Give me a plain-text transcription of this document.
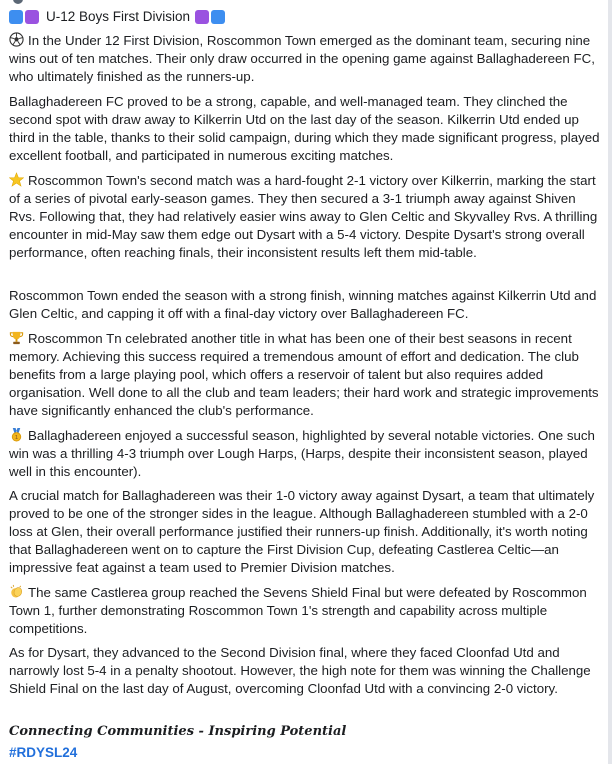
U-12 Boys First Division

In the Under 12 First Division, Roscommon Town emerged as the dominant team, securing nine wins out of ten matches. Their only draw occurred in the opening game against Ballaghadereen FC, who ultimately finished as the runners-up.

Ballaghadereen FC proved to be a strong, capable, and well-managed team. They clinched the second spot with draw away to Kilkerrin Utd on the last day of the season. Kilkerrin Utd ended up third in the table, thanks to their solid campaign, during which they made significant progress, played excellent football, and participated in numerous exciting matches.

Roscommon Town's second match was a hard-fought 2-1 victory over Kilkerrin, marking the start of a series of pivotal early-season games. They then secured a 3-1 triumph away against Shiven Rvs. Following that, they had relatively easier wins away to Glen Celtic and Skyvalley Rvs. A thrilling encounter in mid-May saw them edge out Dysart with a 5-4 victory. Despite Dysart's strong overall performance, often reaching finals, their inconsistent results left them mid-table.

Roscommon Town ended the season with a strong finish, winning matches against Kilkerrin Utd and Glen Celtic, and capping it off with a final-day victory over Ballaghadereen FC.

Roscommon Tn celebrated another title in what has been one of their best seasons in recent memory. Achieving this success required a tremendous amount of effort and dedication. The club benefits from a large playing pool, which offers a reservoir of talent but also requires added organisation. Well done to all the club and team leaders; their hard work and strategic improvements have significantly enhanced the club's performance.

1 Ballaghadereen enjoyed a successful season, highlighted by several notable victories. One such win was a thrilling 4-3 triumph over Lough Harps, (Harps, despite their inconsistent season, played well in this encounter).

A crucial match for Ballaghadereen was their 1-0 victory away against Dysart, a team that ultimately proved to be one of the stronger sides in the league. Although Ballaghadereen stumbled with a 2-0 loss at Glen, their overall performance justified their runners-up finish. Additionally, it's worth noting that Ballaghadereen went on to capture the First Division Cup, defeating Castlerea Celtic—an impressive feat against a team used to Premier Division matches.

The same Castlerea group reached the Sevens Shield Final but were defeated by Roscommon Town 1, further demonstrating Roscommon Town 1's strength and capability across multiple competitions.

As for Dysart, they advanced to the Second Division final, where they faced Cloonfad Utd and narrowly lost 5-4 in a penalty shootout. However, the high note for them was winning the Challenge Shield Final on the last day of August, overcoming Cloonfad Utd with a convincing 2-0 victory.

Connecting Communities - Inspiring Potential
#RDYSL24
